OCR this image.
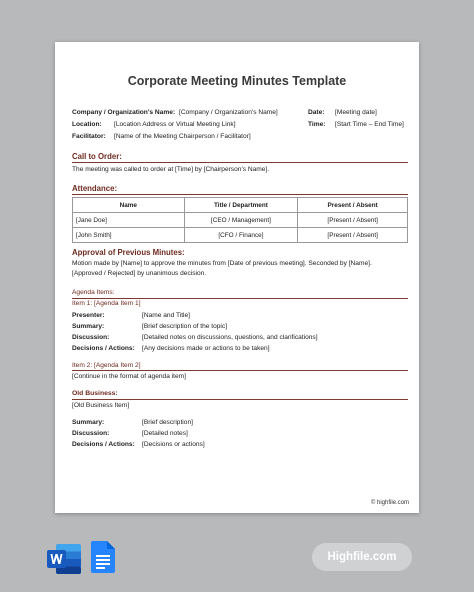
Corporate Meeting Minutes Template
Company / Organization's Name: [Company / Organization's Name]
Location: [Location Address or Virtual Meeting Link]
Facilitator: [Name of the Meeting Chairperson / Facilitator]
Date: [Meeting date]
Time: [Start Time – End Time]
Call to Order:
The meeting was called to order at [Time] by [Chairperson's Name].
Attendance:
Name	Title / Department	Present / Absent
[Jane Doe]	[CEO / Management]	[Present / Absent]
[John Smith]	[CFO / Finance]	[Present / Absent]
Approval of Previous Minutes:
Motion made by [Name] to approve the minutes from [Date of previous meeting]. Seconded by [Name].
[Approved / Rejected] by unanimous decision.
Agenda Items:
Item 1: [Agenda Item 1]
Presenter:	[Name and Title]
Summary:	[Brief description of the topic]
Discussion:	[Detailed notes on discussions, questions, and clarifications]
Decisions / Actions: [Any decisions made or actions to be taken]
Item 2: [Agenda Item 2]
[Continue in the format of agenda item]
Old Business:
[Old Business Item]
Summary:	[Brief description]
Discussion:	[Detailed notes]
Decisions / Actions: [Decisions or actions]
© highfile.com
Highfile.com
